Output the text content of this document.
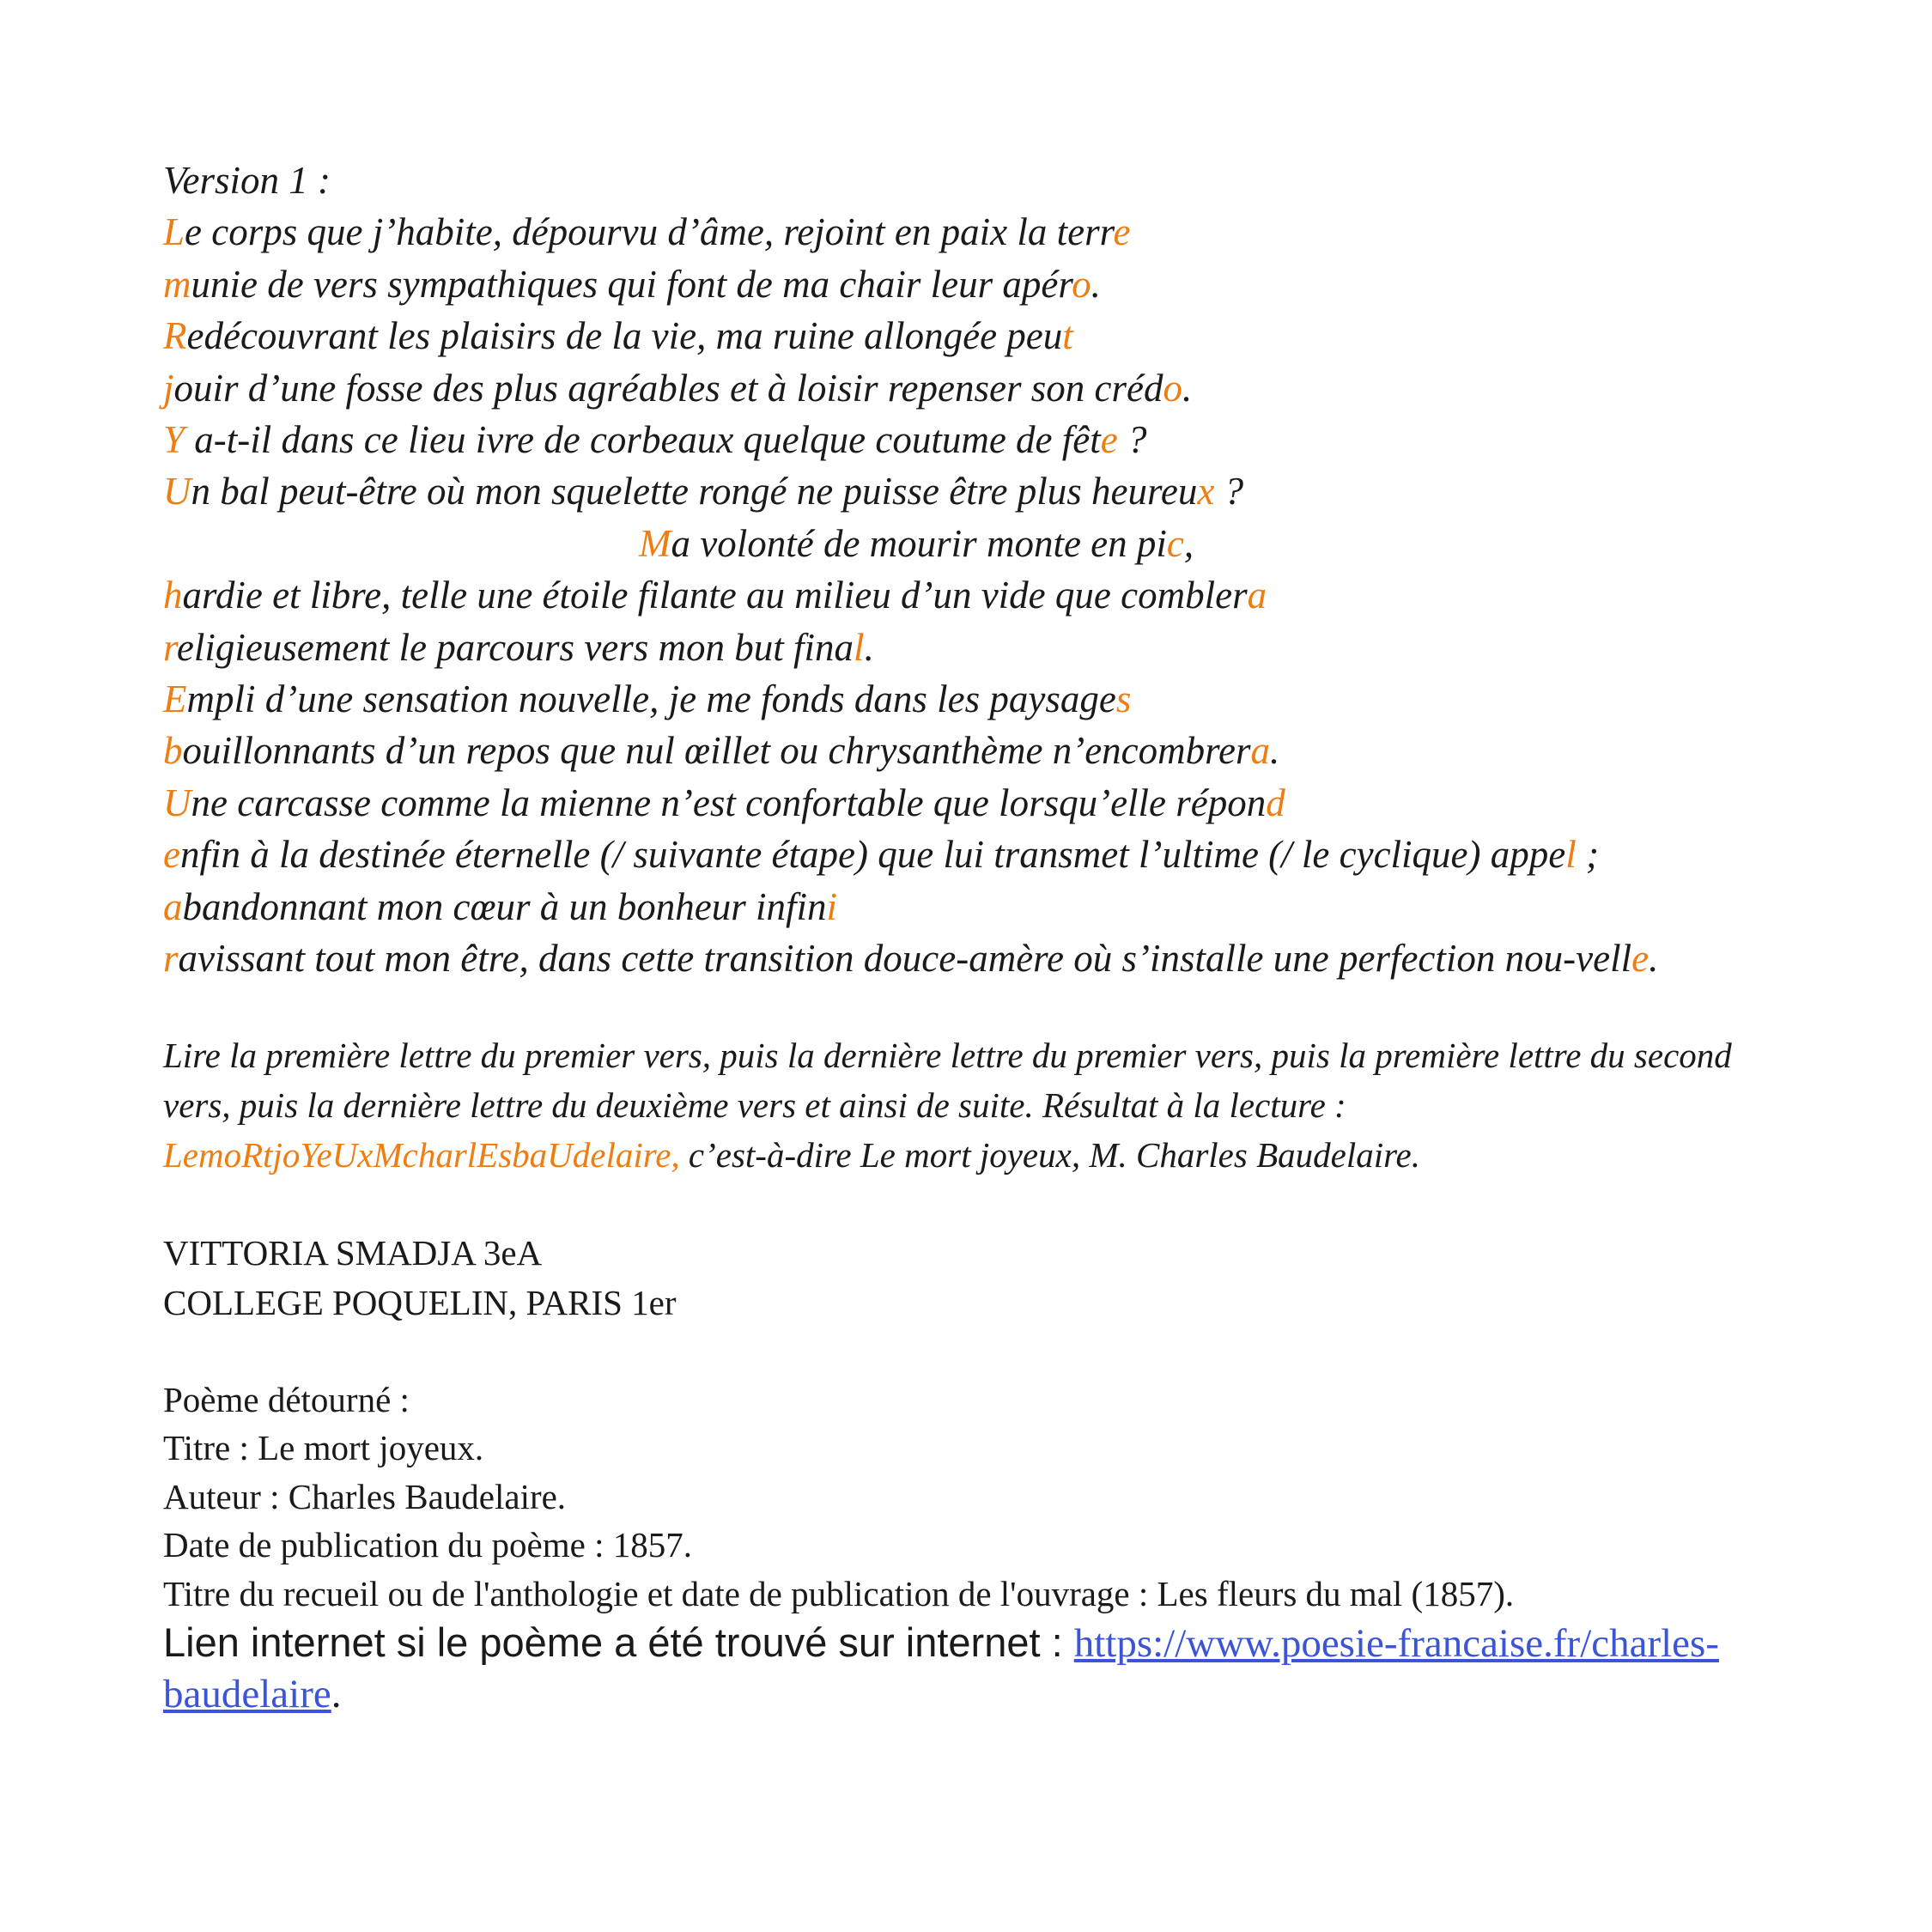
Version 1 :
Le corps que j’habite, dépourvu d’âme, rejoint en paix la terre
munie de vers sympathiques qui font de ma chair leur apéro.
Redécouvrant les plaisirs de la vie, ma ruine allongée peut
jouir d’une fosse des plus agréables et à loisir repenser son crédo.
Y a-t-il dans ce lieu ivre de corbeaux quelque coutume de fête ?
Un bal peut-être où mon squelette rongé ne puisse être plus heureux ?
Ma volonté de mourir monte en pic,
hardie et libre, telle une étoile filante au milieu d’un vide que comblera
religieusement le parcours vers mon but final.
Empli d’une sensation nouvelle, je me fonds dans les paysages
bouillonnants d’un repos que nul œillet ou chrysanthème n’encombrera.
Une carcasse comme la mienne n’est confortable que lorsqu’elle répond
enfin à la destinée éternelle (/ suivante étape) que lui transmet l’ultime (/ le cyclique) appel ;
abandonnant mon cœur à un bonheur infini
ravissant tout mon être, dans cette transition douce-amère où s’installe une perfection nou-velle.
Lire la première lettre du premier vers, puis la dernière lettre du premier vers, puis la première lettre du second vers, puis la dernière lettre du deuxième vers et ainsi de suite. Résultat à la lecture : LemoRtjoYeUxMcharlEsbaUdelaire, c’est-à-dire Le mort joyeux, M. Charles Baudelaire.
VITTORIA SMADJA 3eA
COLLEGE POQUELIN, PARIS 1er
Poème détourné :
Titre : Le mort joyeux.
Auteur : Charles Baudelaire.
Date de publication du poème : 1857.
Titre du recueil ou de l'anthologie et date de publication de l'ouvrage : Les fleurs du mal (1857).
Lien internet si le poème a été trouvé sur internet : https://www.poesie-francaise.fr/charles-baudelaire.
